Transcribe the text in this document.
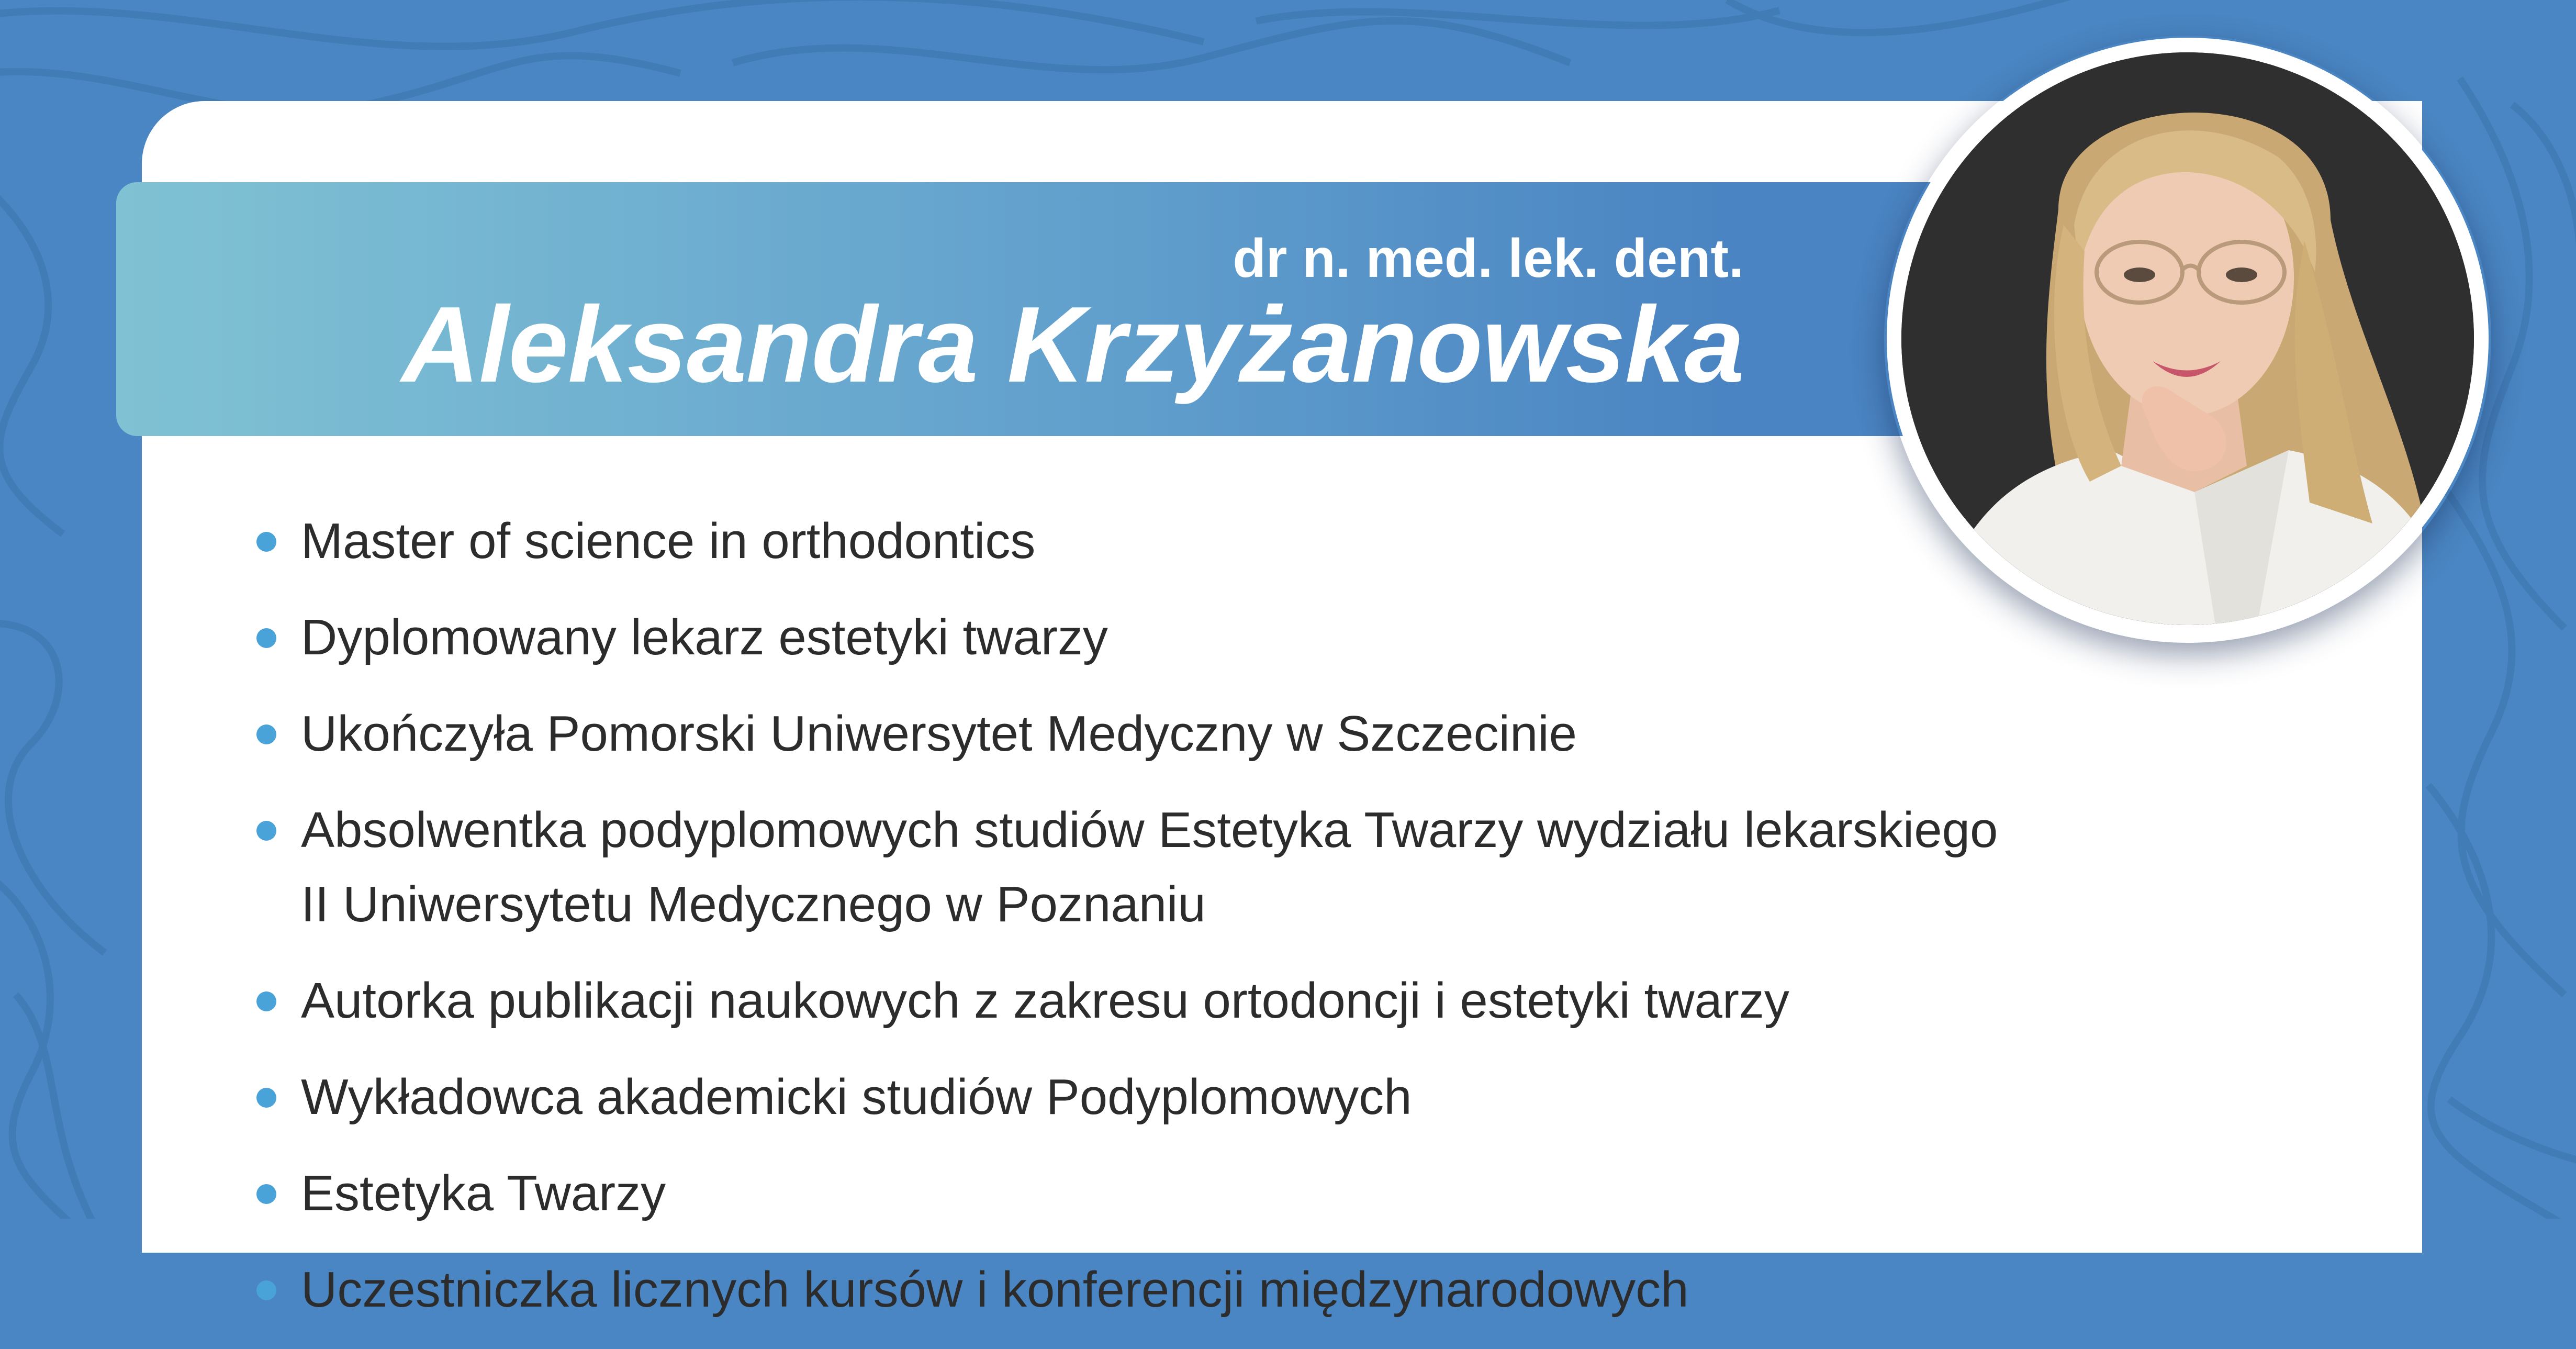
dr n. med. lek. dent.
Aleksandra Krzyżanowska
Master of science in orthodontics
Dyplomowany lekarz estetyki twarzy
Ukończyła Pomorski Uniwersytet Medyczny w Szczecinie
Absolwentka podyplomowych studiów Estetyka Twarzy wydziału lekarskiego
II Uniwersytetu Medycznego w Poznaniu
Autorka publikacji naukowych z zakresu ortodoncji i estetyki twarzy
Wykładowca akademicki studiów Podyplomowych
Estetyka Twarzy
Uczestniczka licznych kursów i konferencji międzynarodowych
